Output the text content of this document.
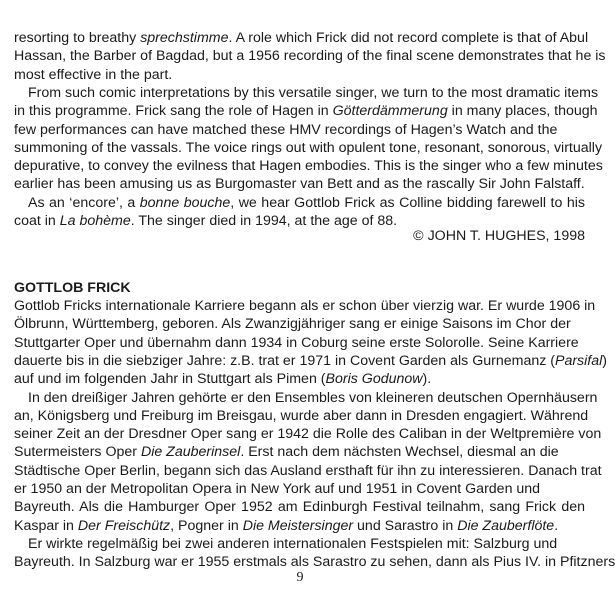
resorting to breathy sprechstimme. A role which Frick did not record complete is that of Abul
Hassan, the Barber of Bagdad, but a 1956 recording of the final scene demonstrates that he is
most effective in the part.
From such comic interpretations by this versatile singer, we turn to the most dramatic items
in this programme. Frick sang the role of Hagen in Götterdämmerung in many places, though
few performances can have matched these HMV recordings of Hagen’s Watch and the
summoning of the vassals. The voice rings out with opulent tone, resonant, sonorous, virtually
depurative, to convey the evilness that Hagen embodies. This is the singer who a few minutes
earlier has been amusing us as Burgomaster van Bett and as the rascally Sir John Falstaff.
As an ‘encore’, a bonne bouche, we hear Gottlob Frick as Colline bidding farewell to his
coat in La bohème. The singer died in 1994, at the age of 88.
© JOHN T. HUGHES, 1998
GOTTLOB FRICK
Gottlob Fricks internationale Karriere begann als er schon über vierzig war. Er wurde 1906 in
Ölbrunn, Württemberg, geboren. Als Zwanzigjähriger sang er einige Saisons im Chor der
Stuttgarter Oper und übernahm dann 1934 in Coburg seine erste Solorolle. Seine Karriere
dauerte bis in die siebziger Jahre: z.B. trat er 1971 in Covent Garden als Gurnemanz (Parsifal)
auf und im folgenden Jahr in Stuttgart als Pimen (Boris Godunow).
In den dreißiger Jahren gehörte er den Ensembles von kleineren deutschen Opernhäusern
an, Königsberg und Freiburg im Breisgau, wurde aber dann in Dresden engagiert. Während
seiner Zeit an der Dresdner Oper sang er 1942 die Rolle des Caliban in der Weltpremière von
Sutermeisters Oper Die Zauberinsel. Erst nach dem nächsten Wechsel, diesmal an die
Städtische Oper Berlin, begann sich das Ausland ersthaft für ihn zu interessieren. Danach trat
er 1950 an der Metropolitan Opera in New York auf und 1951 in Covent Garden und
Bayreuth. Als die Hamburger Oper 1952 am Edinburgh Festival teilnahm, sang Frick den
Kaspar in Der Freischütz, Pogner in Die Meistersinger und Sarastro in Die Zauberflöte.
Er wirkte regelmäßig bei zwei anderen internationalen Festspielen mit: Salzburg und
Bayreuth. In Salzburg war er 1955 erstmals als Sarastro zu sehen, dann als Pius IV. in Pfitzners
9
